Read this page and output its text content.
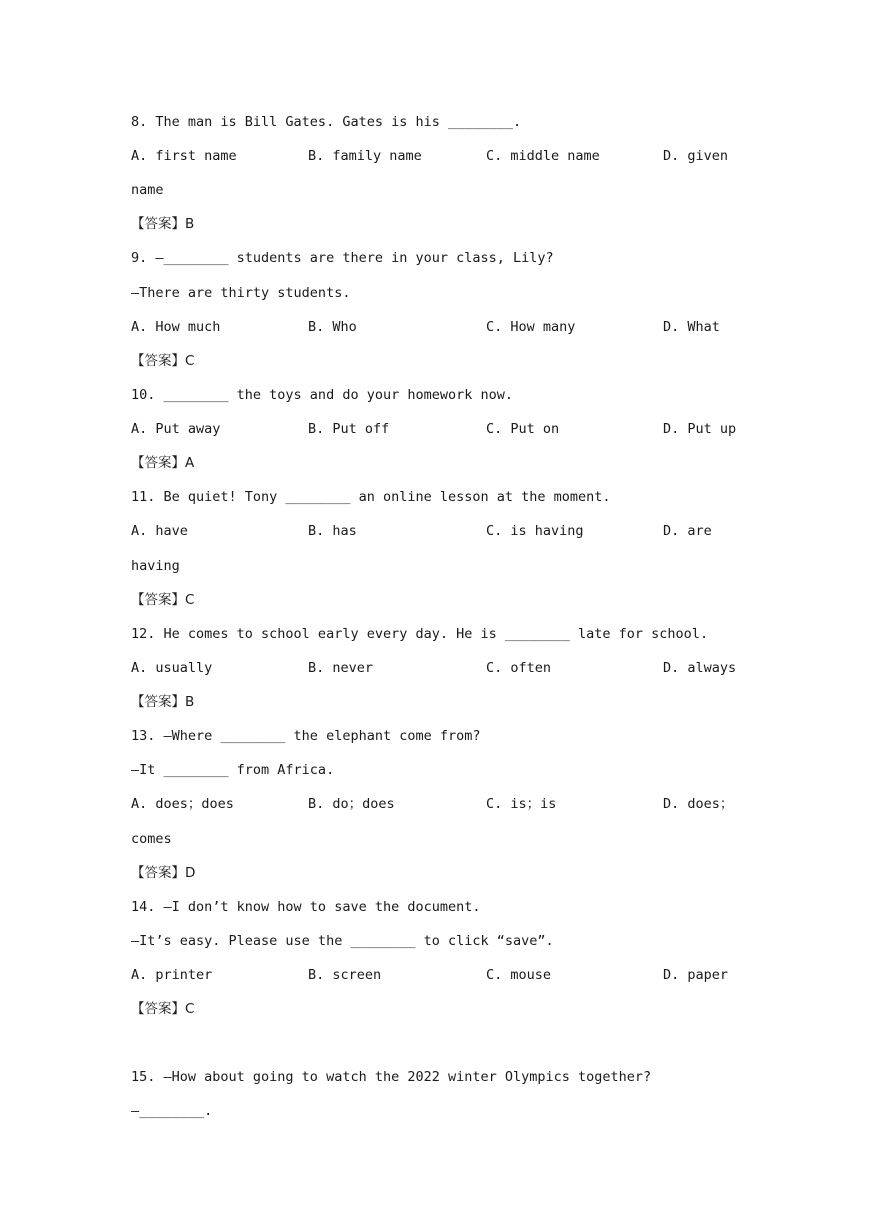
8. The man is Bill Gates. Gates is his ________.
A. first name	B. family name	C. middle name	D. given
name
【答案】B
9. —________ students are there in your class, Lily?
—There are thirty students.
A. How much	B. Who	C. How many	D. What
【答案】C
10. ________ the toys and do your homework now.
A. Put away	B. Put off	C. Put on	D. Put up
【答案】A
11. Be quiet! Tony ________ an online lesson at the moment.
A. have	B. has	C. is having	D. are
having
【答案】C
12. He comes to school early every day. He is ________ late for school.
A. usually	B. never	C. often	D. always
【答案】B
13. —Where ________ the elephant come from?
—It ________ from Africa.
A. does；does	B. do；does	C. is；is	D. does；
comes
【答案】D
14. —I don’t know how to save the document.
—It’s easy. Please use the ________ to click “save”.
A. printer	B. screen	C. mouse	D. paper
【答案】C
15. —How about going to watch the 2022 winter Olympics together?
—________.
